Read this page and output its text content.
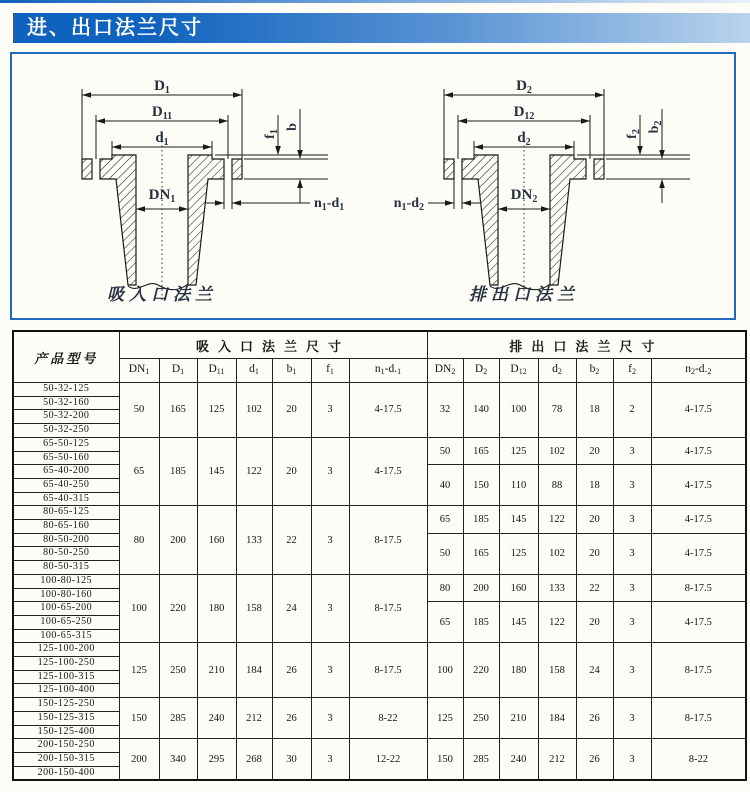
进、出口法兰尺寸
$D_1$
$D_{11}$
$d_1$
$DN_1$
$f_1$
b
$n_1-d_1$
吸入口法兰
$D_2$
$D_{12}$
$d_2$
$DN_2$
$f_2$ $b_2$
$n_1-d_2$
排出口法兰
产品型号	吸入口法兰尺寸							排出口法兰尺寸						
	$DN_1$	$D_1$	$D_{11}$	$d_1$	$b_1$	$f_1$	$n_1-d._1$	$DN_2$	$D_2$	$D_{12}$	$d_2$	$b_2$	$f_2$	$n_2-d._2$
50-32-125	50	165	125	102	20	3	4-17.5	32	140	100	78	18	2	4-17.5
50-32-160														
50-32-200														
50-32-250														
65-50-125	65	185	145	122	20	3	4-17.5	50	165	125	102	20	3	4-17.5
65-50-160														
65-40-200								40	150	110	88	18	3	4-17.5
65-40-250														
65-40-315														
80-65-125	80	200	160	133	22	3	8-17.5	65	185	145	122	20	3	4-17.5
80-65-160														
80-50-200								50	165	125	102	20	3	4-17.5
80-50-250														
80-50-315														
100-80-125	100	220	180	158	24	3	8-17.5	80	200	160	133	22	3	8-17.5
100-80-160														
100-65-200								65	185	145	122	20	3	4-17.5
100-65-250														
100-65-315														
125-100-200	125	250	210	184	26	3	8-17.5	100	220	180	158	24	3	8-17.5
125-100-250														
125-100-315														
125-100-400														
150-125-250	150	285	240	212	26	3	8-22	125	250	210	184	26	3	8-17.5
150-125-315														
150-125-400														
200-150-250	200	340	295	268	30	3	12-22	150	285	240	212	26	3	8-22
200-150-315														
200-150-400														
